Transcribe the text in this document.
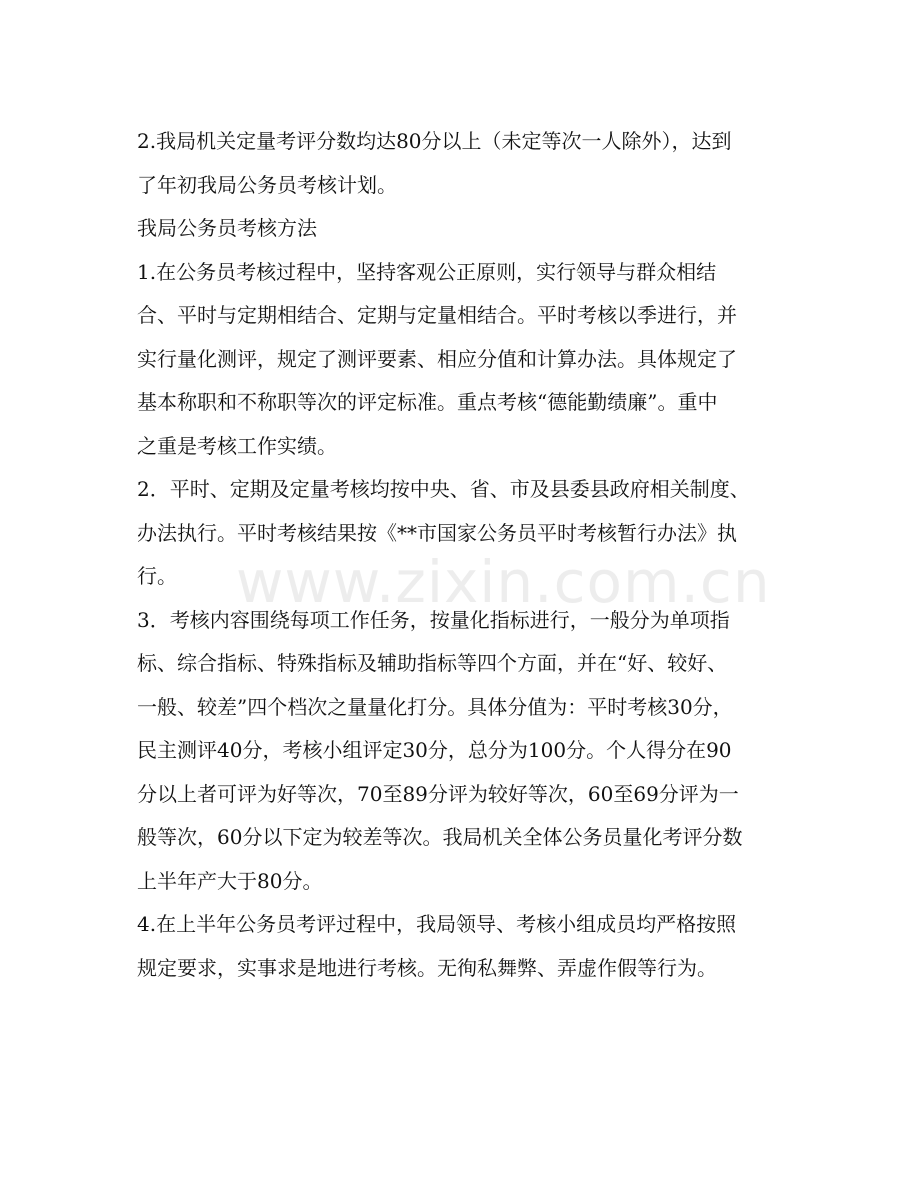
2.我局机关定量考评分数均达80分以上（未定等次一人除外），达到
了年初我局公务员考核计划。
我局公务员考核方法
1.在公务员考核过程中，坚持客观公正原则，实行领导与群众相结
合、平时与定期相结合、定期与定量相结合。平时考核以季进行，并
实行量化测评，规定了测评要素、相应分值和计算办法。具体规定了
基本称职和不称职等次的评定标准。重点考核“德能勤绩廉”。重中
之重是考核工作实绩。
2．平时、定期及定量考核均按中央、省、市及县委县政府相关制度、
办法执行。平时考核结果按《**市国家公务员平时考核暂行办法》执
行。
3．考核内容围绕每项工作任务，按量化指标进行，一般分为单项指
标、综合指标、特殊指标及辅助指标等四个方面，并在“好、较好、
一般、较差”四个档次之量量化打分。具体分值为：平时考核30分，
民主测评40分，考核小组评定30分，总分为100分。个人得分在90
分以上者可评为好等次，70至89分评为较好等次，60至69分评为一
般等次，60分以下定为较差等次。我局机关全体公务员量化考评分数
上半年产大于80分。
4.在上半年公务员考评过程中，我局领导、考核小组成员均严格按照
规定要求，实事求是地进行考核。无徇私舞弊、弄虚作假等行为。
www.zixin.com.cn
